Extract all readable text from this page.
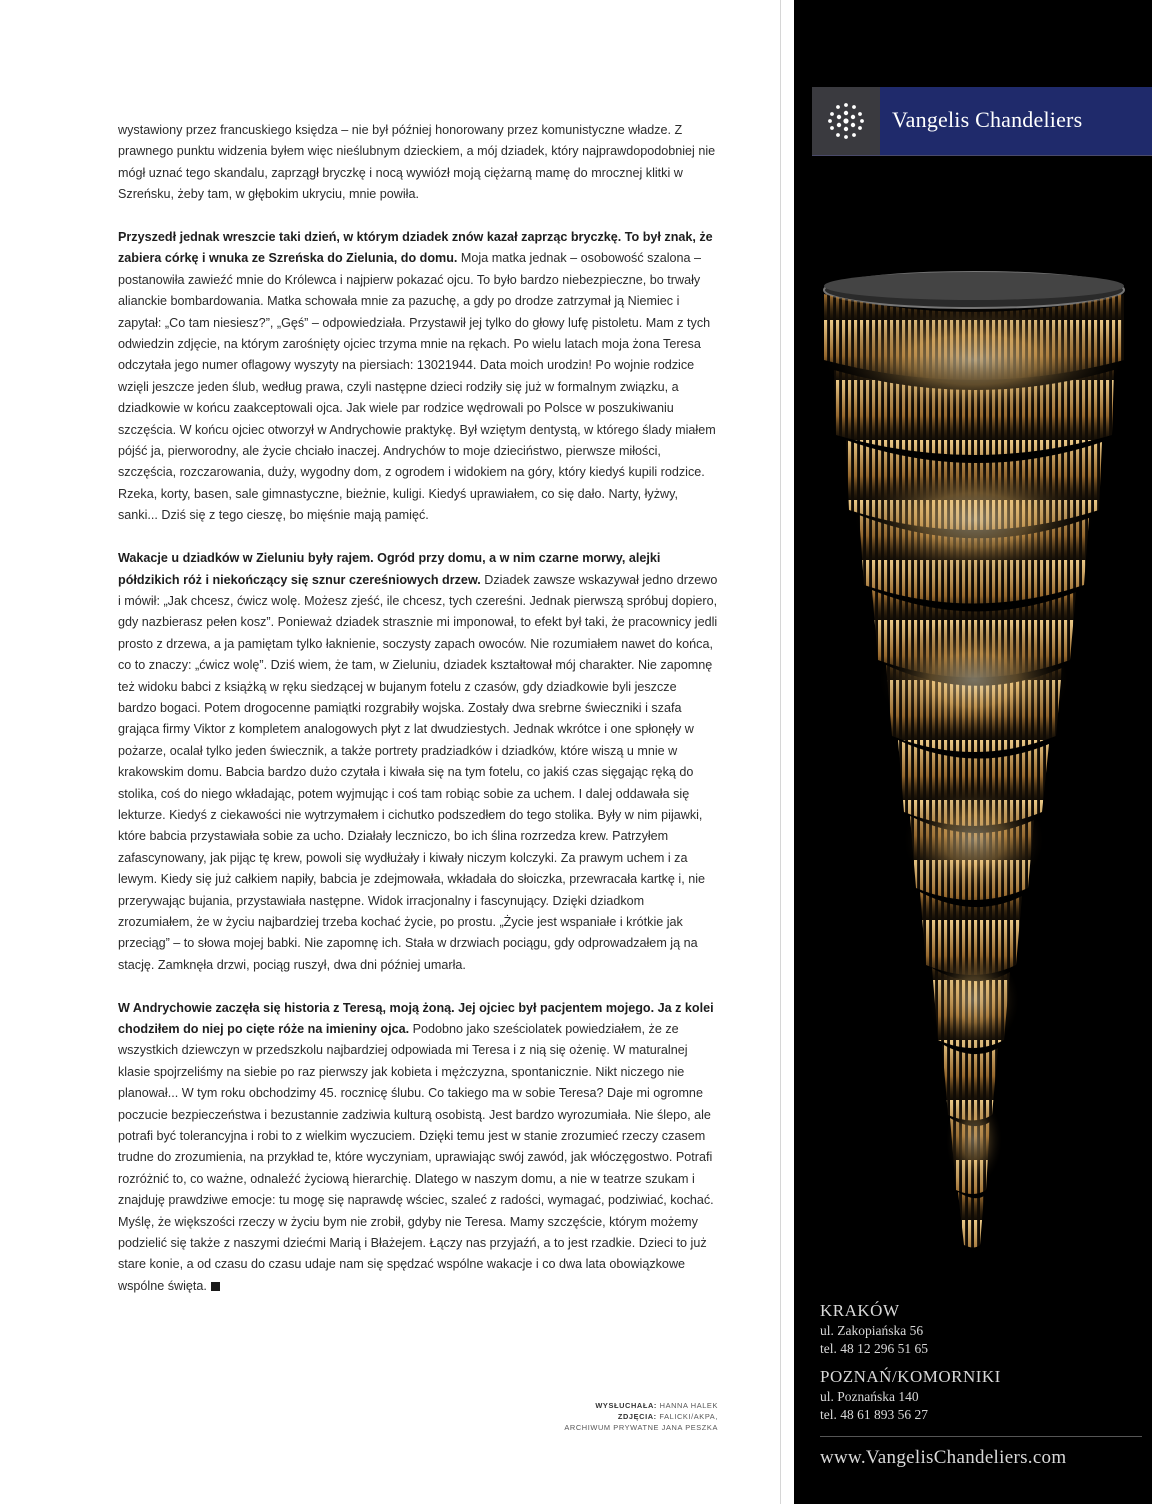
wystawiony przez francuskiego księdza – nie był później honorowany przez komunistyczne władze. Z prawnego punktu widzenia byłem więc nieślubnym dzieckiem, a mój dziadek, który najprawdopodobniej nie mógł uznać tego skandalu, zaprzągł bryczkę i nocą wywiózł moją ciężarną mamę do mrocznej klitki w Szreńsku, żeby tam, w głębokim ukryciu, mnie powiła.

Przyszedł jednak wreszcie taki dzień, w którym dziadek znów kazał zaprząc bryczkę. To był znak, że zabiera córkę i wnuka ze Szreńska do Zielunia, do domu. Moja matka jednak – osobowość szalona – postanowiła zawieźć mnie do Królewca i najpierw pokazać ojcu. To było bardzo niebezpieczne, bo trwały alianckie bombardowania. Matka schowała mnie za pazuchę, a gdy po drodze zatrzymał ją Niemiec i zapytał: „Co tam niesiesz?”, „Gęś” – odpowiedziała. Przystawił jej tylko do głowy lufę pistoletu. Mam z tych odwiedzin zdjęcie, na którym zarośnięty ojciec trzyma mnie na rękach. Po wielu latach moja żona Teresa odczytała jego numer oflagowy wyszyty na piersiach: 13021944. Data moich urodzin! Po wojnie rodzice wzięli jeszcze jeden ślub, według prawa, czyli następne dzieci rodziły się już w formalnym związku, a dziadkowie w końcu zaakceptowali ojca. Jak wiele par rodzice wędrowali po Polsce w poszukiwaniu szczęścia. W końcu ojciec otworzył w Andrychowie praktykę. Był wziętym dentystą, w którego ślady miałem pójść ja, pierworodny, ale życie chciało inaczej. Andrychów to moje dzieciństwo, pierwsze miłości, szczęścia, rozczarowania, duży, wygodny dom, z ogrodem i widokiem na góry, który kiedyś kupili rodzice. Rzeka, korty, basen, sale gimnastyczne, bieżnie, kuligi. Kiedyś uprawiałem, co się dało. Narty, łyżwy, sanki... Dziś się z tego cieszę, bo mięśnie mają pamięć.

Wakacje u dziadków w Zieluniu były rajem. Ogród przy domu, a w nim czarne morwy, alejki półdzikich róż i niekończący się sznur czereśniowych drzew. Dziadek zawsze wskazywał jedno drzewo i mówił: „Jak chcesz, ćwicz wolę. Możesz zjeść, ile chcesz, tych czereśni. Jednak pierwszą spróbuj dopiero, gdy nazbierasz pełen kosz”. Ponieważ dziadek strasznie mi imponował, to efekt był taki, że pracownicy jedli prosto z drzewa, a ja pamiętam tylko łaknienie, soczysty zapach owoców. Nie rozumiałem nawet do końca, co to znaczy: „ćwicz wolę”. Dziś wiem, że tam, w Zieluniu, dziadek kształtował mój charakter. Nie zapomnę też widoku babci z książką w ręku siedzącej w bujanym fotelu z czasów, gdy dziadkowie byli jeszcze bardzo bogaci. Potem drogocenne pamiątki rozgrabiły wojska. Zostały dwa srebrne świeczniki i szafa grająca firmy Viktor z kompletem analogowych płyt z lat dwudziestych. Jednak wkrótce i one spłonęły w pożarze, ocalał tylko jeden świecznik, a także portrety pradziadków i dziadków, które wiszą u mnie w krakowskim domu. Babcia bardzo dużo czytała i kiwała się na tym fotelu, co jakiś czas sięgając ręką do stolika, coś do niego wkładając, potem wyjmując i coś tam robiąc sobie za uchem. I dalej oddawała się lekturze. Kiedyś z ciekawości nie wytrzymałem i cichutko podszedłem do tego stolika. Były w nim pijawki, które babcia przystawiała sobie za ucho. Działały leczniczo, bo ich ślina rozrzedza krew. Patrzyłem zafascynowany, jak pijąc tę krew, powoli się wydłużały i kiwały niczym kolczyki. Za prawym uchem i za lewym. Kiedy się już całkiem napiły, babcia je zdejmowała, wkładała do słoiczka, przewracała kartkę i, nie przerywając bujania, przystawiała następne. Widok irracjonalny i fascynujący. Dzięki dziadkom zrozumiałem, że w życiu najbardziej trzeba kochać życie, po prostu. „Życie jest wspaniałe i krótkie jak przeciąg” – to słowa mojej babki. Nie zapomnę ich. Stała w drzwiach pociągu, gdy odprowadzałem ją na stację. Zamknęła drzwi, pociąg ruszył, dwa dni później umarła.

W Andrychowie zaczęła się historia z Teresą, moją żoną. Jej ojciec był pacjentem mojego. Ja z kolei chodziłem do niej po cięte róże na imieniny ojca. Podobno jako sześciolatek powiedziałem, że ze wszystkich dziewczyn w przedszkolu najbardziej odpowiada mi Teresa i z nią się ożenię. W maturalnej klasie spojrzeliśmy na siebie po raz pierwszy jak kobieta i mężczyzna, spontanicznie. Nikt niczego nie planował... W tym roku obchodzimy 45. rocznicę ślubu. Co takiego ma w sobie Teresa? Daje mi ogromne poczucie bezpieczeństwa i bezustannie zadziwia kulturą osobistą. Jest bardzo wyrozumiała. Nie ślepo, ale potrafi być tolerancyjna i robi to z wielkim wyczuciem. Dzięki temu jest w stanie zrozumieć rzeczy czasem trudne do zrozumienia, na przykład te, które wyczyniam, uprawiając swój zawód, jak włóczęgostwo. Potrafi rozróżnić to, co ważne, odnaleźć życiową hierarchię. Dlatego w naszym domu, a nie w teatrze szukam i znajduję prawdziwe emocje: tu mogę się naprawdę wściec, szaleć z radości, wymagać, podziwiać, kochać. Myślę, że większości rzeczy w życiu bym nie zrobił, gdyby nie Teresa. Mamy szczęście, którym możemy podzielić się także z naszymi dziećmi Marią i Błażejem. Łączy nas przyjaźń, a to jest rzadkie. Dzieci to już stare konie, a od czasu do czasu udaje nam się spędzać wspólne wakacje i co dwa lata obowiązkowe wspólne święta.

WYSŁUCHAŁA: HANNA HALEK
ZDJĘCIA: FALICKI/AKPA,
ARCHIWUM PRYWATNE JANA PESZKA
Vangelis Chandeliers
KRAKÓW
ul. Zakopiańska 56
tel. 48 12 296 51 65
POZNAŃ/KOMORNIKI
ul. Poznańska 140
tel. 48 61 893 56 27
www.VangelisChandeliers.com
